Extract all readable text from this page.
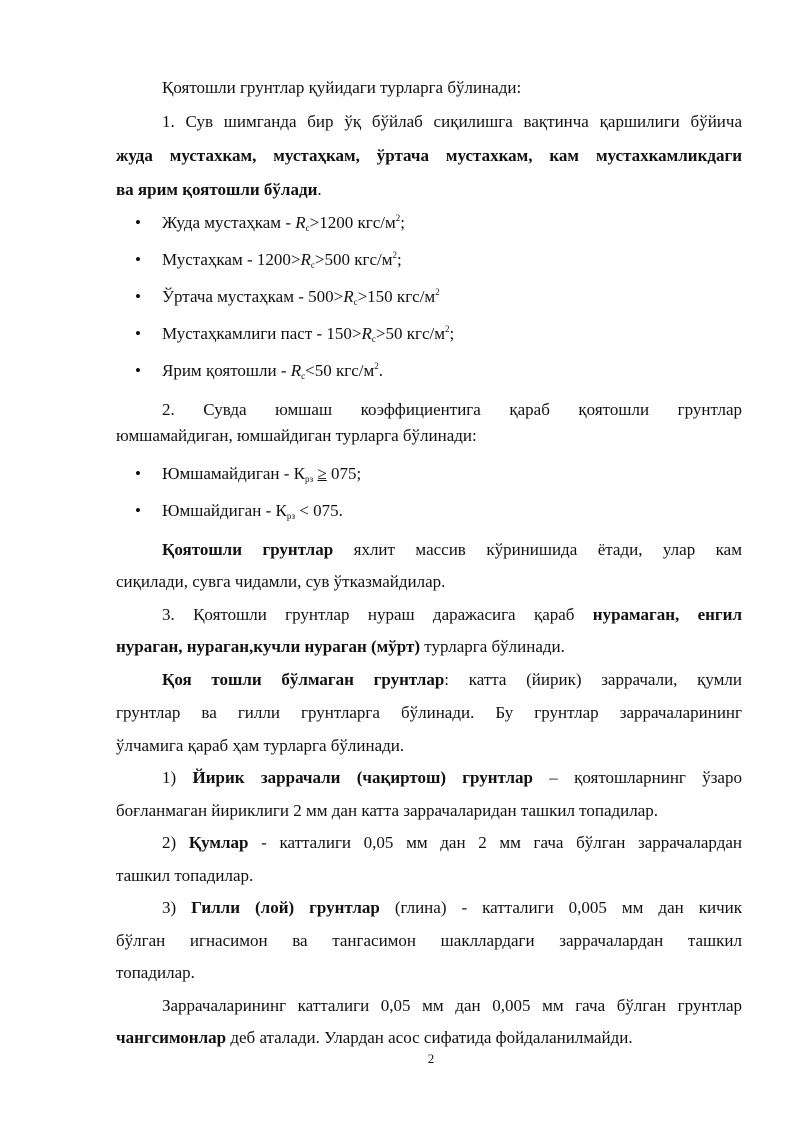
Қоятошли грунтлар қуйидаги турларга бўлинади:
1. Сув шимганда бир ўқ бўйлаб сиқилишга вақтинча қаршилиги бўйича
жуда мустахкам, мустаҳкам, ўртача мустахкам, кам мустахкамликдаги
ва ярим қоятошли бўлади.
• Жуда мустаҳкам - $R_c>1200$ кгс/$м^2$;
• Мустаҳкам - $1200>R_c>500$ кгс/$м^2$;
• Ўртача мустаҳкам - $500>R_c>150$ кгс/$м^2$
• Мустаҳкамлиги паст - $150>R_c>50$ кгс/$м^2$;
• Ярим қоятошли - $R_c<50$ кгс/$м^2$.
2. Сувда юмшаш коэффициентига қараб қоятошли грунтлар
юмшамайдиган, юмшайдиган турларга бўлинади:
• Юмшамайдиган - $К_{рз} \ge 075$;
• Юмшайдиган - $К_{рз} < 075$.
Қоятошли грунтлар яхлит массив кўринишида ётади, улар кам
сиқилади, сувга чидамли, сув ўтказмайдилар.
3. Қоятошли грунтлар нураш даражасига қараб нурамаган, енгил
нураган, нураган,кучли нураган (мўрт) турларга бўлинади.
Қоя тошли бўлмаган грунтлар: катта (йирик) заррачали, қумли
грунтлар ва гилли грунтларга бўлинади. Бу грунтлар заррачаларининг
ўлчамига қараб ҳам турларга бўлинади.
1) Йирик заррачали (чақиртош) грунтлар – қоятошларнинг ўзаро
боғланмаган йириклиги 2 мм дан катта заррачаларидан ташкил топадилар.
2) Қумлар - катталиги 0,05 мм дан 2 мм гача бўлган заррачалардан
ташкил топадилар.
3) Гилли (лой) грунтлар (глина) - катталиги 0,005 мм дан кичик
бўлган игнасимон ва тангасимон шакллардаги заррачалардан ташкил
топадилар.
Заррачаларининг катталиги 0,05 мм дан 0,005 мм гача бўлган грунтлар
чангсимонлар деб аталади. Улардан асос сифатида фойдаланилмайди.
2
